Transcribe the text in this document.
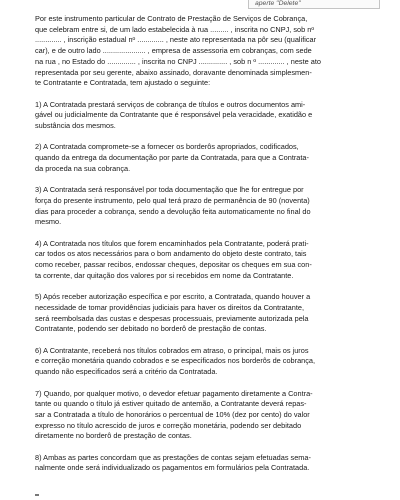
aperte "Delete"

Por este instrumento particular de Contrato de Prestação de Serviços de Cobrança,
que celebram entre si, de um lado estabelecida à rua ......... , inscrita no CNPJ, sob nº
............. , inscrição estadual nº ............. , neste ato representada na pôr seu (qualificar
car), e de outro lado ..................... , empresa de assessoria em cobranças, com sede
na rua , no Estado do .............. , inscrita no CNPJ .............. , sob n º ............. , neste ato
representada por seu gerente, abaixo assinado, doravante denominada simplesmen-
te Contratante e Contratada, tem ajustado o seguinte:

1) A Contratada prestará serviços de cobrança de títulos e outros documentos ami-
gável ou judicialmente da Contratante que é responsável pela veracidade, exatidão e
substância dos mesmos.

2) A Contratada compromete-se a fornecer os borderôs apropriados, codificados,
quando da entrega da documentação por parte da Contratada, para que a Contrata-
da proceda na sua cobrança.

3) A Contratada será responsável por toda documentação que lhe for entregue por
força do presente instrumento, pelo qual terá prazo de permanência de 90 (noventa)
dias para proceder a cobrança, sendo a devolução feita automaticamente no final do
mesmo.

4) A Contratada nos títulos que forem encaminhados pela Contratante, poderá prati-
car todos os atos necessários para o bom andamento do objeto deste contrato, tais
como receber, passar recibos, endossar cheques, depositar os cheques em sua con-
ta corrente, dar quitação dos valores por si recebidos em nome da Contratante.

5) Após receber autorização específica e por escrito, a Contratada, quando houver a
necessidade de tomar providências judiciais para haver os direitos da Contratante,
será reembolsada das custas e despesas processuais, previamente autorizada pela
Contratante, podendo ser debitado no borderô de prestação de contas.

6) A Contratante, receberá nos títulos cobrados em atraso, o principal, mais os juros
e correção monetária quando cobrados e se especificados nos borderôs de cobrança,
quando não especificados será a critério da Contratada.

7) Quando, por qualquer motivo, o devedor efetuar pagamento diretamente a Contra-
tante ou quando o título já estiver quitado de antemão, a Contratante deverá repas-
sar a Contratada a título de honorários o percentual de 10% (dez por cento) do valor
expresso no título acrescido de juros e correção monetária, podendo ser debitado
diretamente no borderô de prestação de contas.

8) Ambas as partes concordam que as prestações de contas sejam efetuadas sema-
nalmente onde será individualizado os pagamentos em formulários pela Contratada.
